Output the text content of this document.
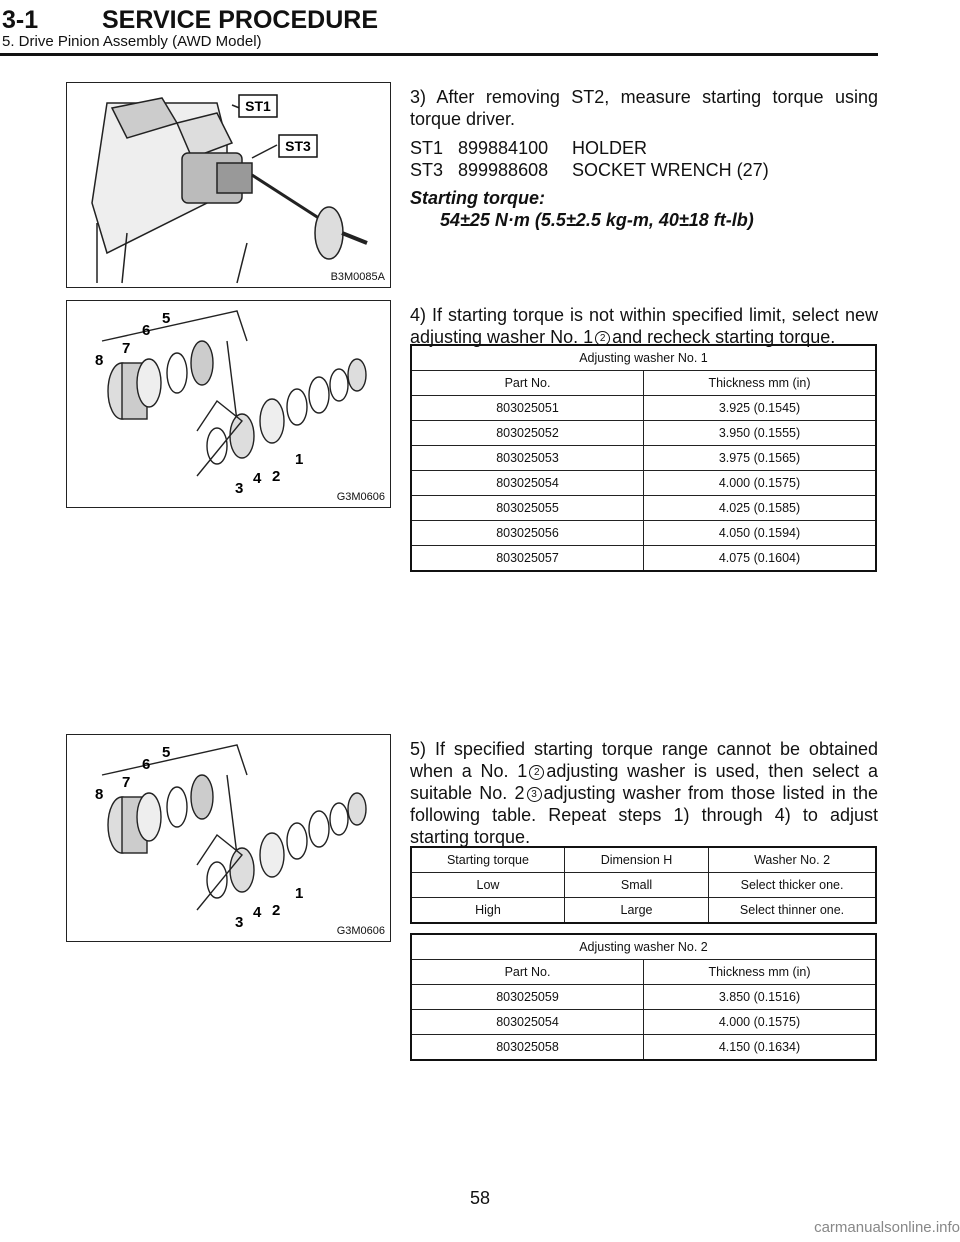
3-1	SERVICE PROCEDURE
5. Drive Pinion Assembly (AWD Model)
ST1
ST3
B3M0085A
1
2
3
4
5
6
7
8
G3M0606
1
2
3
4
5
6
7
8
G3M0606

3) After removing ST2, measure starting torque using torque driver.

ST1 899884100 HOLDER
ST3 899988608 SOCKET WRENCH (27)
Starting torque:
54±25 N·m (5.5±2.5 kg-m, 40±18 ft-lb)

4) If starting torque is not within specified limit, select new adjusting washer No. 1 2 and recheck starting torque.

Adjusting washer No. 1	
Part No.	Thickness mm (in)
803025051	3.925 (0.1545)
803025052	3.950 (0.1555)
803025053	3.975 (0.1565)
803025054	4.000 (0.1575)
803025055	4.025 (0.1585)
803025056	4.050 (0.1594)
803025057	4.075 (0.1604)

5) If specified starting torque range cannot be obtained when a No. 1 2 adjusting washer is used, then select a suitable No. 2 3 adjusting washer from those listed in the following table. Repeat steps 1) through 4) to adjust starting torque.

Starting torque	Dimension H	Washer No. 2
Low	Small	Select thicker one.
High	Large	Select thinner one.
Adjusting washer No. 2	
Part No.	Thickness mm (in)
803025059	3.850 (0.1516)
803025054	4.000 (0.1575)
803025058	4.150 (0.1634)
58
carmanualsonline.info
